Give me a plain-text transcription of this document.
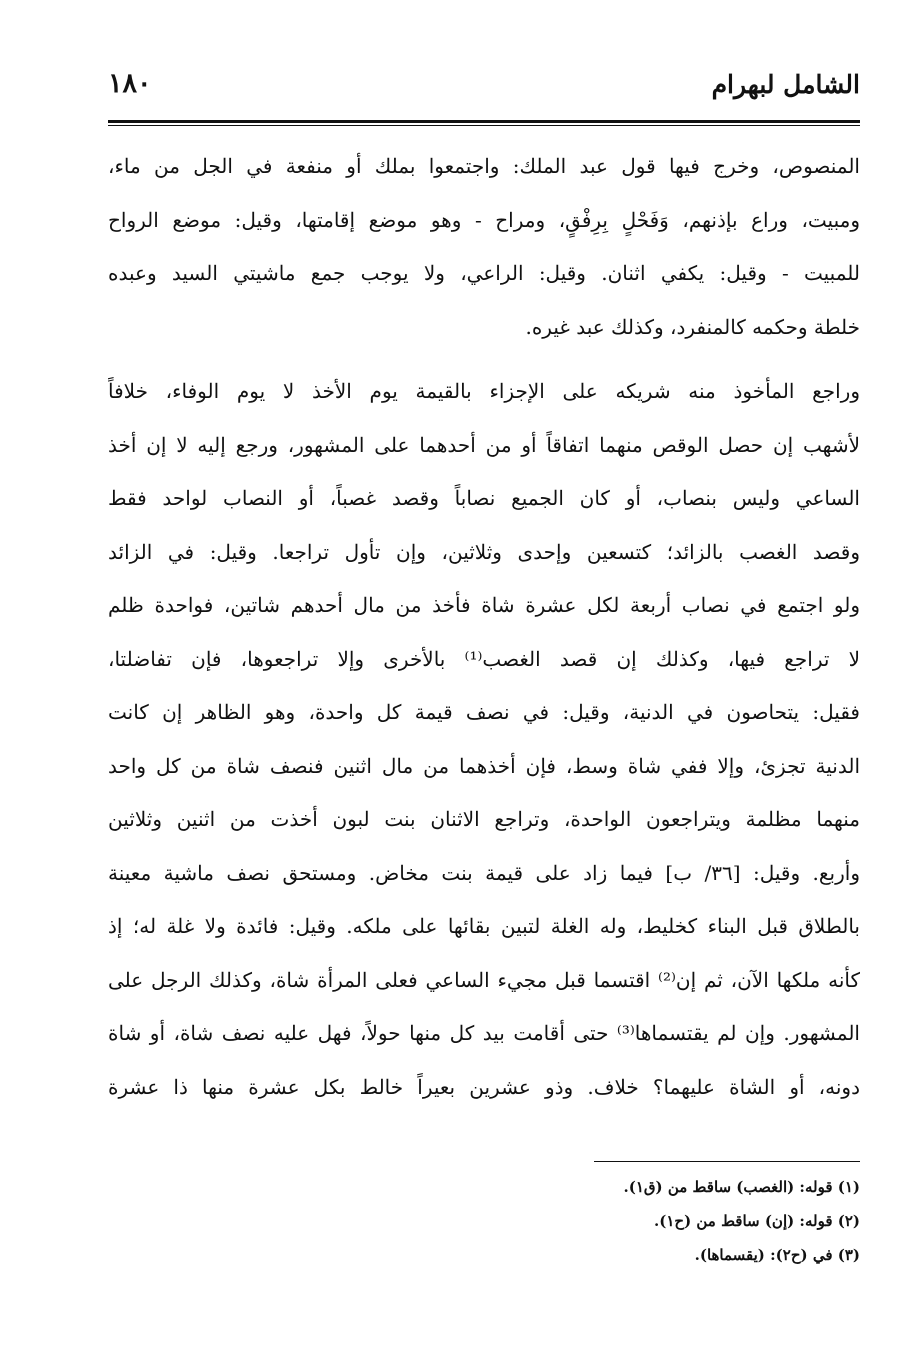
الشامل لبهرام
١٨٠
المنصوص، وخرج فيها قول عبد الملك: واجتمعوا بملك أو منفعة في الجل من ماء،
ومبيت، وراع بإذنهم، وَفَحْلٍ بِرِفْقٍ، ومراح - وهو موضع إقامتها، وقيل: موضع الرواح
للمبيت - وقيل: يكفي اثنان. وقيل: الراعي، ولا يوجب جمع ماشيتي السيد وعبده
خلطة وحكمه كالمنفرد، وكذلك عبد غيره.
وراجع المأخوذ منه شريكه على الإجزاء بالقيمة يوم الأخذ لا يوم الوفاء، خلافاً
لأشهب إن حصل الوقص منهما اتفاقاً أو من أحدهما على المشهور، ورجع إليه لا إن أخذ
الساعي وليس بنصاب، أو كان الجميع نصاباً وقصد غصباً، أو النصاب لواحد فقط
وقصد الغصب بالزائد؛ كتسعين وإحدى وثلاثين، وإن تأول تراجعا. وقيل: في الزائد
ولو اجتمع في نصاب أربعة لكل عشرة شاة فأخذ من مال أحدهم شاتين، فواحدة ظلم
لا تراجع فيها، وكذلك إن قصد الغصب⁽¹⁾ بالأخرى وإلا تراجعوها، فإن تفاضلتا،
فقيل: يتحاصون في الدنية، وقيل: في نصف قيمة كل واحدة، وهو الظاهر إن كانت
الدنية تجزئ، وإلا ففي شاة وسط، فإن أخذهما من مال اثنين فنصف شاة من كل واحد
منهما مظلمة ويتراجعون الواحدة، وتراجع الاثنان بنت لبون أخذت من اثنين وثلاثين
وأربع. وقيل: [٣٦/ ب] فيما زاد على قيمة بنت مخاض. ومستحق نصف ماشية معينة
بالطلاق قبل البناء كخليط، وله الغلة لتبين بقائها على ملكه. وقيل: فائدة ولا غلة له؛ إذ
كأنه ملكها الآن، ثم إن⁽²⁾ اقتسما قبل مجيء الساعي فعلى المرأة شاة، وكذلك الرجل على
المشهور. وإن لم يقتسماها⁽³⁾ حتى أقامت بيد كل منها حولاً، فهل عليه نصف شاة، أو شاة
دونه، أو الشاة عليهما؟ خلاف. وذو عشرين بعيراً خالط بكل عشرة منها ذا عشرة
(١) قوله: (الغصب) ساقط من (ق١).
(٢) قوله: (إن) ساقط من (ح١).
(٣) في (ح٢): (يقسماها).
